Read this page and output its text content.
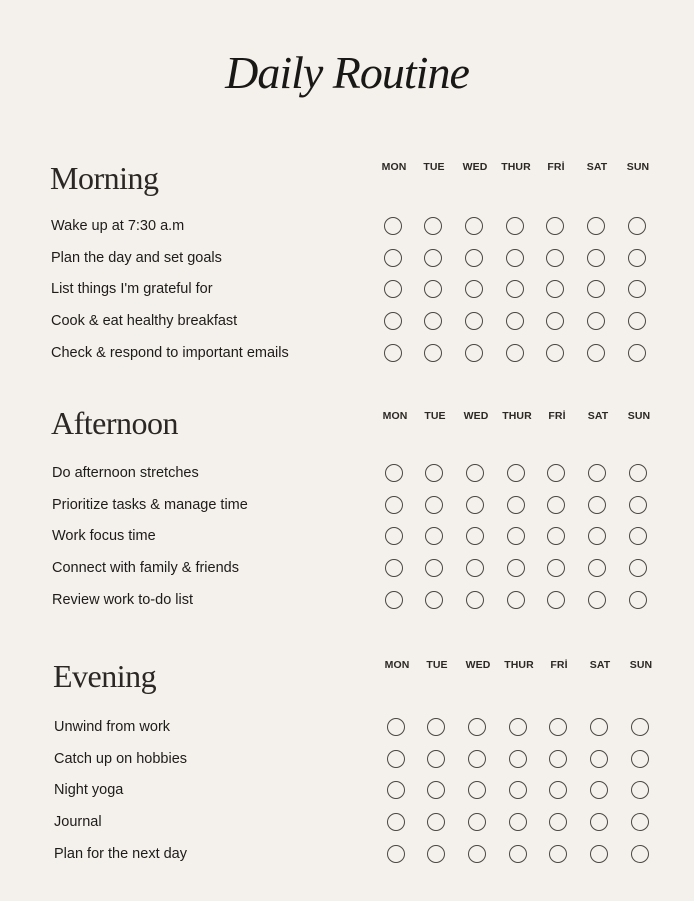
Daily Routine
Morning	MON	TUE	WED	THUR	FRİ	SAT	SUN
Wake up at 7:30 a.m
Plan the day and set goals
List things I'm grateful for
Cook & eat healthy breakfast
Check & respond to important emails
Afternoon	MON	TUE	WED	THUR	FRİ	SAT	SUN
Do afternoon stretches
Prioritize tasks & manage time
Work focus time
Connect with family & friends
Review work to-do list
Evening	MON	TUE	WED	THUR	FRİ	SAT	SUN
Unwind from work
Catch up on hobbies
Night yoga
Journal
Plan for the next day
